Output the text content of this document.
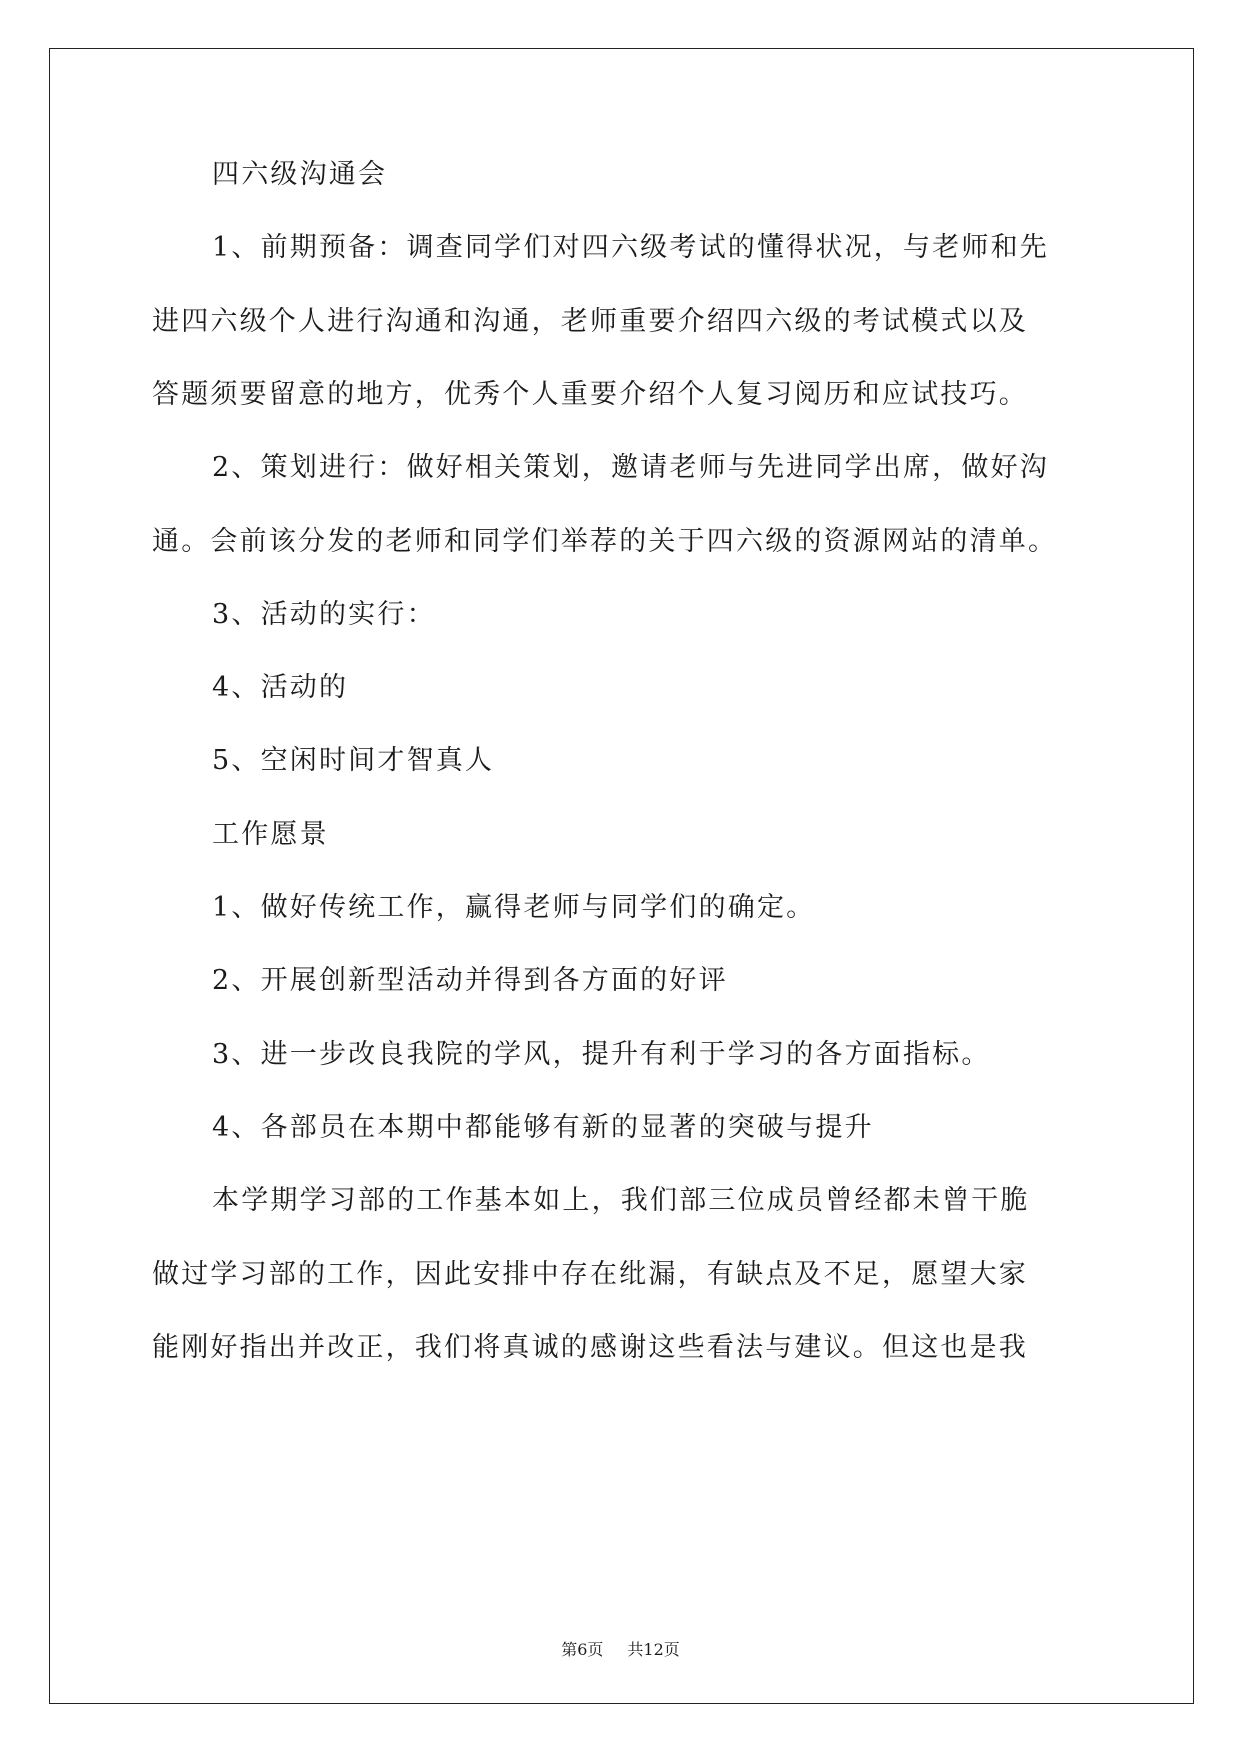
四六级沟通会
1、前期预备：调查同学们对四六级考试的懂得状况，与老师和先
进四六级个人进行沟通和沟通，老师重要介绍四六级的考试模式以及
答题须要留意的地方，优秀个人重要介绍个人复习阅历和应试技巧。
2、策划进行：做好相关策划，邀请老师与先进同学出席，做好沟
通。会前该分发的老师和同学们举荐的关于四六级的资源网站的清单。
3、活动的实行：
4、活动的
5、空闲时间才智真人
工作愿景
1、做好传统工作，赢得老师与同学们的确定。
2、开展创新型活动并得到各方面的好评
3、进一步改良我院的学风，提升有利于学习的各方面指标。
4、各部员在本期中都能够有新的显著的突破与提升
本学期学习部的工作基本如上，我们部三位成员曾经都未曾干脆
做过学习部的工作，因此安排中存在纰漏，有缺点及不足，愿望大家
能刚好指出并改正，我们将真诚的感谢这些看法与建议。但这也是我
第6页 共12页
